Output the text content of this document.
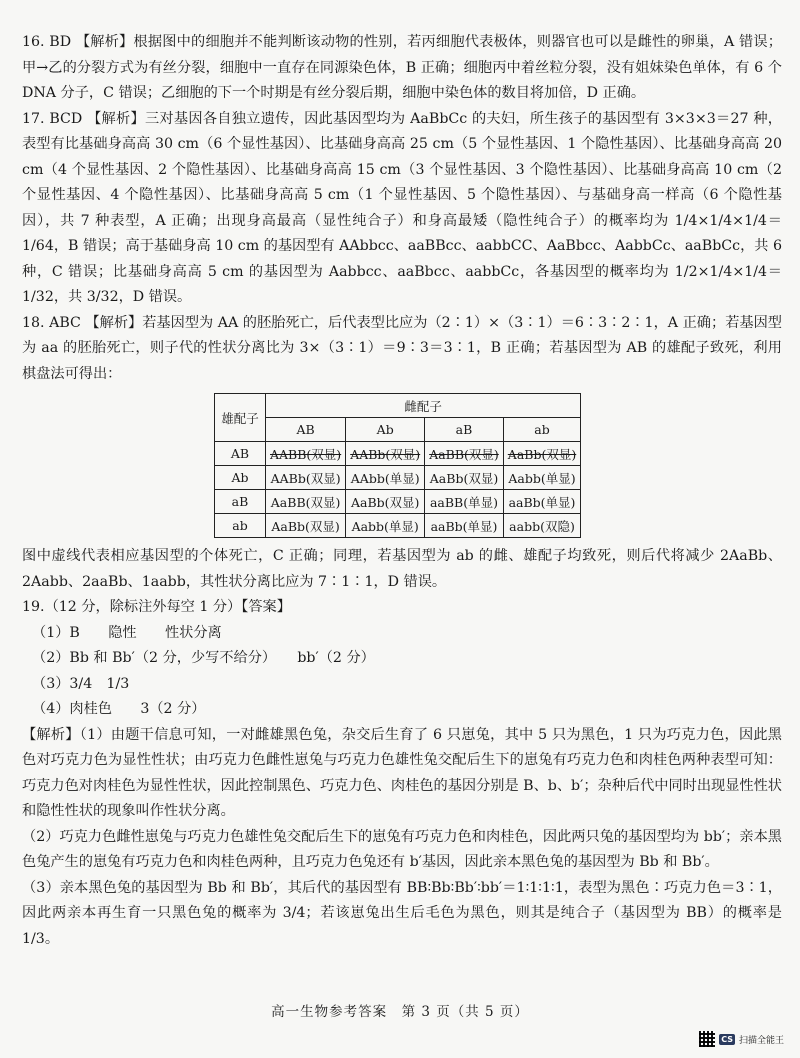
16. BD 【解析】根据图中的细胞并不能判断该动物的性别，若丙细胞代表极体，则器官也可以是雌性的卵巢，A 错误；甲→乙的分裂方式为有丝分裂，细胞中一直存在同源染色体，B 正确；细胞丙中着丝粒分裂，没有姐妹染色单体，有 6 个 DNA 分子，C 错误；乙细胞的下一个时期是有丝分裂后期，细胞中染色体的数目将加倍，D 正确。

17. BCD 【解析】三对基因各自独立遗传，因此基因型均为 AaBbCc 的夫妇，所生孩子的基因型有 3×3×3＝27 种，表型有比基础身高高 30 cm（6 个显性基因）、比基础身高高 25 cm（5 个显性基因、1 个隐性基因）、比基础身高高 20 cm（4 个显性基因、2 个隐性基因）、比基础身高高 15 cm（3 个显性基因、3 个隐性基因）、比基础身高高 10 cm（2 个显性基因、4 个隐性基因）、比基础身高高 5 cm（1 个显性基因、5 个隐性基因）、与基础身高一样高（6 个隐性基因），共 7 种表型，A 正确；出现身高最高（显性纯合子）和身高最矮（隐性纯合子）的概率均为 1/4×1/4×1/4＝1/64，B 错误；高于基础身高 10 cm 的基因型有 AAbbcc、aaBBcc、aabbCC、AaBbcc、AabbCc、aaBbCc，共 6 种，C 错误；比基础身高高 5 cm 的基因型为 Aabbcc、aaBbcc、aabbCc，各基因型的概率均为 1/2×1/4×1/4＝1/32，共 3/32，D 错误。

18. ABC 【解析】若基因型为 AA 的胚胎死亡，后代表型比应为（2∶1）×（3∶1）＝6∶3∶2∶1，A 正确；若基因型为 aa 的胚胎死亡，则子代的性状分离比为 3×（3∶1）＝9∶3＝3∶1，B 正确；若基因型为 AB 的雄配子致死，利用棋盘法可得出：

雄配子	雌配子			
	AB	Ab	aB	ab
AB	AABB(双显)	AABb(双显)	AaBB(双显)	AaBb(双显)
Ab	AABb(双显)	AAbb(单显)	AaBb(双显)	Aabb(单显)
aB	AaBB(双显)	AaBb(双显)	aaBB(单显)	aaBb(单显)
ab	AaBb(双显)	Aabb(单显)	aaBb(单显)	aabb(双隐)

图中虚线代表相应基因型的个体死亡，C 正确；同理，若基因型为 ab 的雌、雄配子均致死，则后代将减少 2AaBb、2Aabb、2aaBb、1aabb，其性状分离比应为 7∶1∶1，D 错误。

19.（12 分，除标注外每空 1 分）【答案】

（1）B　　隐性　　性状分离

（2）Bb 和 Bb′（2 分，少写不给分）　　bb′（2 分）

（3）3/4　1/3

（4）肉桂色　　3（2 分）

【解析】（1）由题干信息可知，一对雌雄黑色兔，杂交后生育了 6 只崽兔，其中 5 只为黑色，1 只为巧克力色，因此黑色对巧克力色为显性性状；由巧克力色雌性崽兔与巧克力色雄性兔交配后生下的崽兔有巧克力色和肉桂色两种表型可知：巧克力色对肉桂色为显性性状，因此控制黑色、巧克力色、肉桂色的基因分别是 B、b、b′；杂种后代中同时出现显性性状和隐性性状的现象叫作性状分离。

（2）巧克力色雌性崽兔与巧克力色雄性兔交配后生下的崽兔有巧克力色和肉桂色，因此两只兔的基因型均为 bb′；亲本黑色兔产生的崽兔有巧克力色和肉桂色两种，且巧克力色兔还有 b′基因，因此亲本黑色兔的基因型为 Bb 和 Bb′。

（3）亲本黑色兔的基因型为 Bb 和 Bb′，其后代的基因型有 BB∶Bb∶Bb′∶bb′＝1∶1∶1∶1，表型为黑色∶巧克力色＝3∶1，因此两亲本再生育一只黑色兔的概率为 3/4；若该崽兔出生后毛色为黑色，则其是纯合子（基因型为 BB）的概率是 1/3。

高一生物参考答案　第 3 页（共 5 页）
CS 扫描全能王
